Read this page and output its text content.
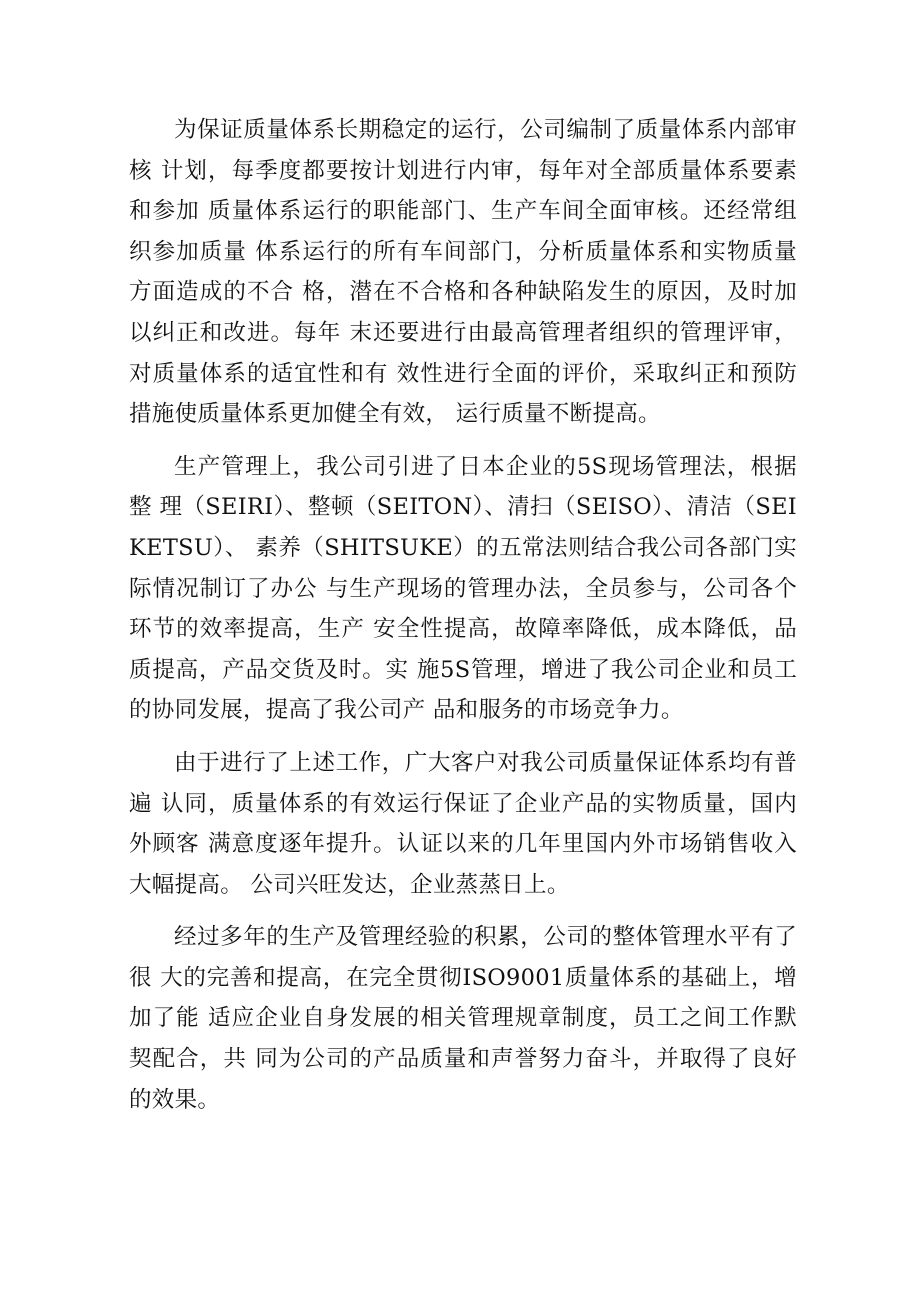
为保证质量体系长期稳定的运行，公司编制了质量体系内部审核 计划，每季度都要按计划进行内审，每年对全部质量体系要素和参加 质量体系运行的职能部门、生产车间全面审核。还经常组织参加质量 体系运行的所有车间部门，分析质量体系和实物质量方面造成的不合 格，潜在不合格和各种缺陷发生的原因，及时加以纠正和改进。每年 末还要进行由最高管理者组织的管理评审，对质量体系的适宜性和有 效性进行全面的评价，采取纠正和预防措施使质量体系更加健全有效， 运行质量不断提高。

生产管理上，我公司引进了日本企业的5S现场管理法，根据整 理（SEIRI）、整顿（SEITON）、清扫（SEISO）、清洁（SEIKETSU）、 素养（SHITSUKE）的五常法则结合我公司各部门实际情况制订了办公 与生产现场的管理办法，全员参与，公司各个环节的效率提高，生产 安全性提高，故障率降低，成本降低，品质提高，产品交货及时。实 施5S管理，增进了我公司企业和员工的协同发展，提高了我公司产 品和服务的市场竞争力。

由于进行了上述工作，广大客户对我公司质量保证体系均有普遍 认同，质量体系的有效运行保证了企业产品的实物质量，国内外顾客 满意度逐年提升。认证以来的几年里国内外市场销售收入大幅提高。 公司兴旺发达，企业蒸蒸日上。

经过多年的生产及管理经验的积累，公司的整体管理水平有了很 大的完善和提高，在完全贯彻ISO9001质量体系的基础上，增加了能 适应企业自身发展的相关管理规章制度，员工之间工作默契配合，共 同为公司的产品质量和声誉努力奋斗，并取得了良好的效果。
